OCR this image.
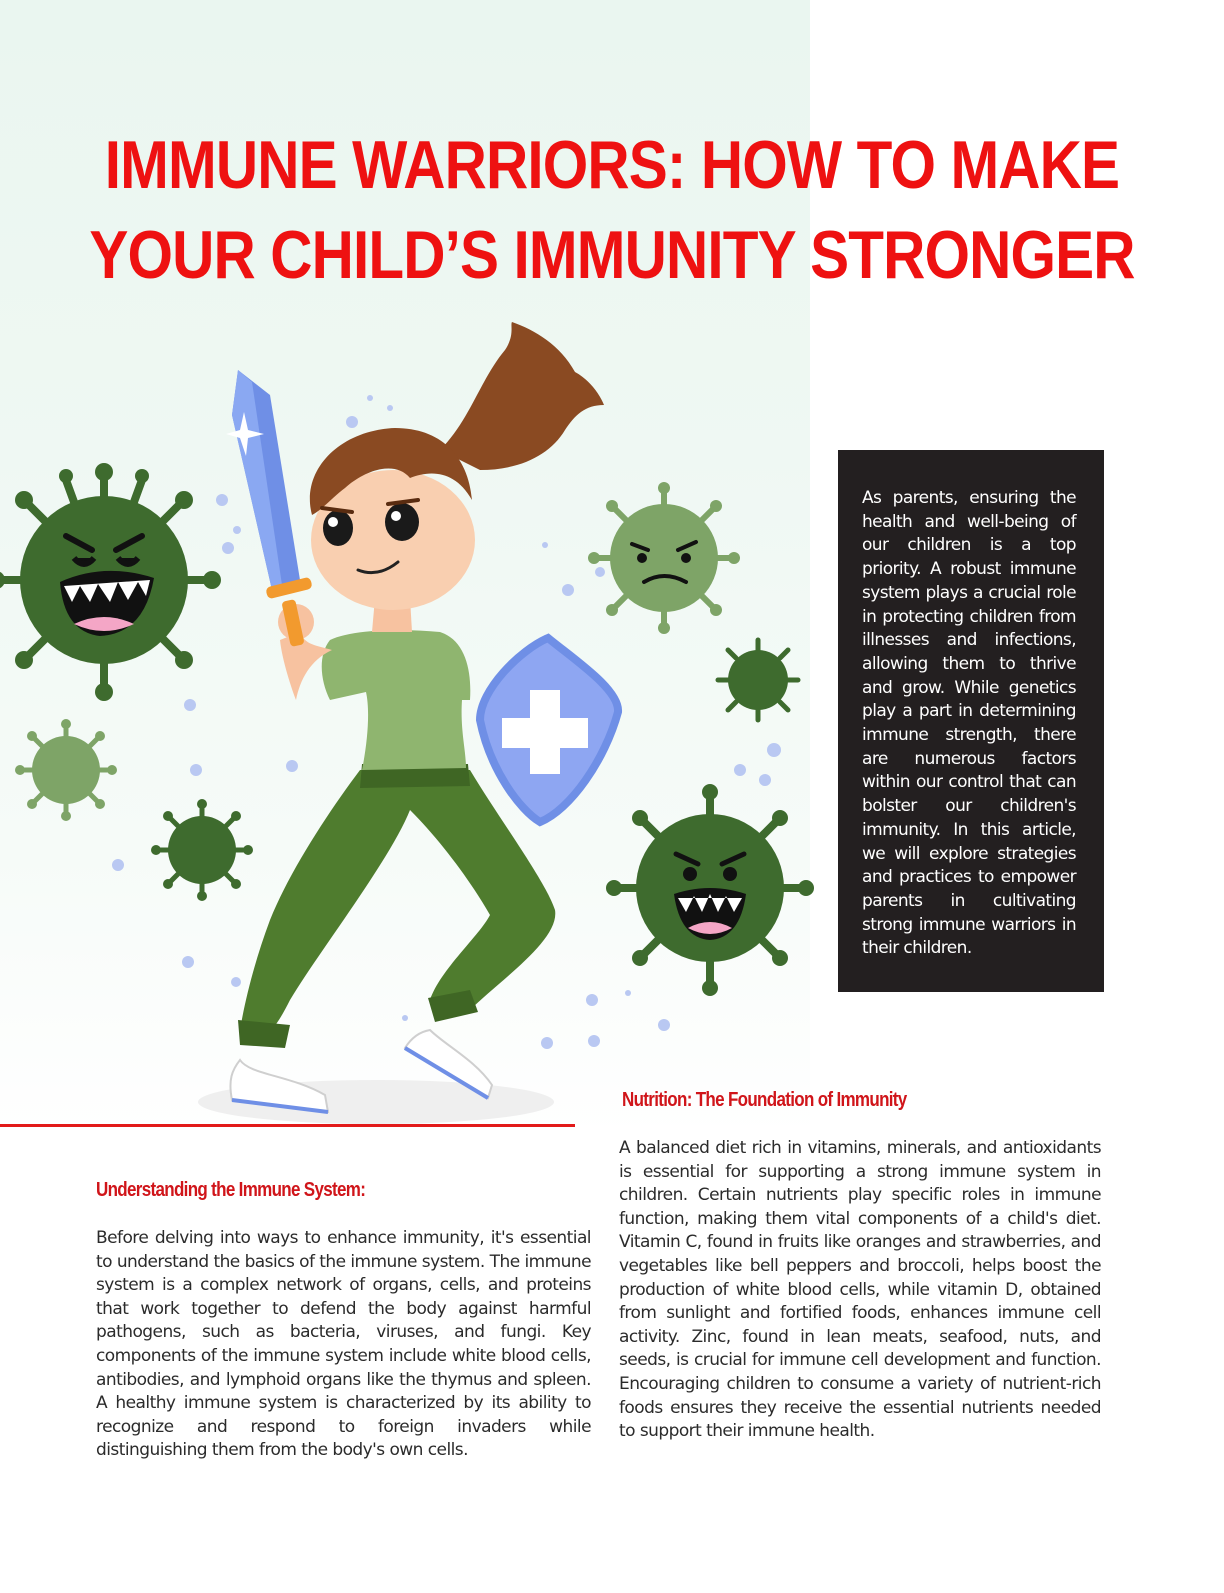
IMMUNE WARRIORS: HOW TO MAKE
YOUR CHILD’S IMMUNITY STRONGER

As parents, ensuring the health and well-being of our children is a top priority. A robust immune system plays a crucial role in protecting children from illnesses and infections, allowing them to thrive and grow. While genetics play a part in determining immune strength, there are numerous factors within our control that can bolster our children's immunity. In this article, we will explore strategies and practices to empower parents in cultivating strong immune warriors in their children.

Nutrition: The Foundation of Immunity

A balanced diet rich in vitamins, minerals, and antioxidants is essential for supporting a strong immune system in children. Certain nutrients play specific roles in immune function, making them vital components of a child's diet. Vitamin C, found in fruits like oranges and strawberries, and vegetables like bell peppers and broccoli, helps boost the production of white blood cells, while vitamin D, obtained from sunlight and fortified foods, enhances immune cell activity. Zinc, found in lean meats, seafood, nuts, and seeds, is crucial for immune cell development and function. Encouraging children to consume a variety of nutrient-rich foods ensures they receive the essential nutrients needed to support their immune health.

Understanding the Immune System:

Before delving into ways to enhance immunity, it's essential to understand the basics of the immune system. The immune system is a complex network of organs, cells, and proteins that work together to defend the body against harmful pathogens, such as bacteria, viruses, and fungi. Key components of the immune system include white blood cells, antibodies, and lymphoid organs like the thymus and spleen. A healthy immune system is characterized by its ability to recognize and respond to foreign invaders while distinguishing them from the body's own cells.
